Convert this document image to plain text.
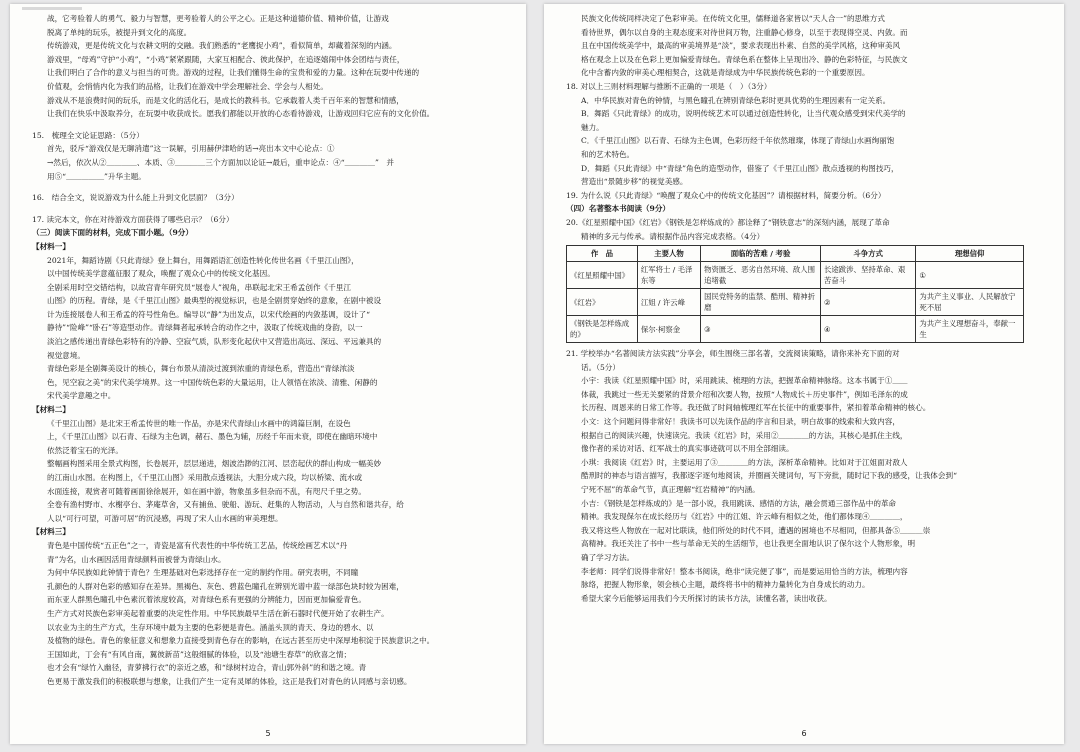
战，它考验着人的勇气、毅力与智慧，更考验着人的公平之心。正是这种道德价值、精神价值，让游戏
脱离了单纯的玩乐，被提升到文化的高度。
传统游戏，更是传统文化与农耕文明的交融。我们熟悉的“老鹰捉小鸡”，看似简单，却藏着深刻的内涵。
游戏里，“母鸡”守护“小鸡”，“小鸡”紧紧跟随，大家互相配合、彼此保护，在追逐嬉闹中体会团结与责任，
让我们明白了合作的意义与担当的可贵。游戏的过程，让我们懂得生命的宝贵和爱的力量。这种在玩耍中传递的
价值观，会悄悄内化为我们的品格，让我们在游戏中学会理解社会、学会与人相处。
游戏从不是浪费时间的玩乐，而是文化的活化石，是成长的教科书。它承载着人类千百年来的智慧和情感，
让我们在快乐中汲取养分，在玩耍中收获成长。愿我们都能以开放的心态看待游戏，让游戏回归它应有的文化价值。
15.　梳理全文论证思路：（5分）
首先，驳斥“游戏仅是无聊消遣”这一误解，引用赫伊津哈的话→亮出本文中心论点：①
→然后，依次从②＿＿＿＿、本质、③＿＿＿＿三个方面加以论证→最后，重申论点：④“＿＿＿＿”　并
用⑤“＿＿＿＿＿”升华主题。
16.　结合全文，说说游戏为什么能上升到文化层面？（3分）
17. 读完本文，你在对待游戏方面获得了哪些启示？（6分）
（三）阅读下面的材料，完成下面小题。（9分）
【材料一】
2021年，舞蹈诗剧《只此青绿》登上舞台，用舞蹈语汇创造性转化传世名画《千里江山图》，
以中国传统美学意蕴征服了观众，唤醒了观众心中的传统文化基因。
全剧采用时空交错结构，以故宫青年研究员“展卷人”视角，串联起北宋王希孟创作《千里江
山图》的历程。青绿，是《千里江山图》最典型的视觉标识，也是全剧贯穿始终的意象，在剧中被设
计为连接展卷人和王希孟的符号性角色。编导以“静”为出发点，以宋代绘画的内敛基调，设计了“
静待”“险峰”“卧石”等造型动作。青绿舞者起承转合的动作之中，汲取了传统戏曲的身韵，以一
淡泊之感传递出青绿色彩特有的冷静、空寂气质，队形变化起伏中又营造出高远、深远、平远兼具的
视觉意境。
青绿色彩是全剧舞美设计的核心，舞台布景从清淡过渡到浓重的青绿色系，营造出“青绿浓淡
色，见空寂之美”的宋代美学境界。这一中国传统色彩的大量运用，让人领悟在浓淡、清雅、闲静的
宋代美学意趣之中。
【材料二】
《千里江山图》是北宋王希孟传世的唯一作品，亦是宋代青绿山水画中的鸿篇巨制，在设色
上，《千里江山图》以石青、石绿为主色调，赭石、墨色为辅，历经千年而未衰，即使在幽暗环境中
依然泛着宝石的光泽。
整幅画构图采用全景式构图，长卷展开，层层递进，烟波浩渺的江河、层峦起伏的群山构成一幅美妙
的江南山水图。在构图上，《千里江山图》采用散点透视法，大胆分成六段，均以桥梁、流水或
水面连接，观赏者可随着画面徐徐展开，如在画中游，物象虽多但杂而不乱，有咫尺千里之势。
全卷有渔村野市、水榭亭台、茅庵草舍，又有捕鱼、驶船、游玩、赶集的人物活动，人与自然和谐共存，给
人以“可行可望，可游可居”的沉浸感，再现了宋人山水画的审美理想。
【材料三】
青色是中国传统“五正色”之一，青瓷是富有代表性的中华传统工艺品，传统绘画艺术以“丹
青”为名，山水画因活用青绿颜料而被誉为青绿山水。
为何中华民族如此钟情于青色？生理基础对色彩选择存在一定的制约作用。研究表明，不同瞳
孔颜色的人群对色彩的感知存在差异。黑褐色、灰色、碧蓝色瞳孔在辨别光谱中蓝一绿部色块时较为困难，
而东亚人群黑色瞳孔中色素沉着浓度较高，对青绿色系有更强的分辨能力，因而更加偏爱青色。
生产方式对民族色彩审美起着重要的决定性作用。中华民族最早生活在新石器时代便开始了农耕生产。
以农业为主的生产方式，生存环境中最为主要的色彩便是青色。涵盖头顶的青天、身边的碧水、以
及植物的绿色。青色的象征意义和想象力直接受到青色存在的影响，在远古甚至历史中深厚地积淀于民族意识之中。
王国如此，丁会有“有风自南，翼彼新苗”这般细腻的体验，以及“池塘生春草”的欣喜之情；
也才会有“绿竹入幽径，青萝拂行衣”的亲近之感，和“绿树村边合，青山郭外斜”的和谐之境。青
色更易于激发我们的积极联想与想象，让我们产生一定有灵犀的体验，这正是我们对青色的认同感与亲切感。
5
民族文化传统同样决定了色彩审美。在传统文化里，儒释道各家皆以“天人合一”的思维方式
看待世界，偶尔以自身的主观态度来对待世间万物，注重静心修身，以至于表现得空灵、内敛。而
且在中国传统美学中，最高的审美境界是“淡”，要求表现出朴素、自然的美学风格，这种审美风
格在观念上以及在色彩上更加偏爱青绿色。青绿色系在整体上呈现出冷、静的色彩特征，与民族文
化中含蓄内敛的审美心理相契合，这就是青绿成为中华民族传统色彩的一个重要原因。
18. 对以上三则材料理解与推断不正确的一项是（　）（3分）
A．中华民族对青色的钟情，与黑色瞳孔在辨别青绿色彩时更具优势的生理因素有一定关系。
B．舞蹈《只此青绿》的成功，说明传统艺术可以通过创造性转化，让当代观众感受到宋代美学的
魅力。
C．《千里江山图》以石青、石绿为主色调，色彩历经千年依然璀璨，体现了青绿山水画绚丽饱
和的艺术特色。
D．舞蹈《只此青绿》中“青绿”角色的造型动作，借鉴了《千里江山图》散点透视的构图技巧，
营造出“景随步移”的视觉美感。
19. 为什么说《只此青绿》“唤醒了观众心中的传统文化基因”？请根据材料，简要分析。（6分）
（四）名著整本书阅读（9分）
20.《红星照耀中国》《红岩》《钢铁是怎样炼成的》都诠释了“钢铁意志”的深刻内涵，展现了革命
精神的多元与传承。请根据作品内容完成表格。（4分）
作　品	主要人物	面临的苦难 / 考验	斗争方式	理想信仰
《红星照耀中国》	红军将士 / 毛泽东等	物资匮乏、恶劣自然环境、敌人围追堵截	长途跋涉、坚持革命、艰苦奋斗	①
《红岩》	江姐 / 许云峰	国民党特务的监禁、酷刑、精神折磨	②	为共产主义事业、人民解放宁死不屈
《钢铁是怎样炼成的》	保尔·柯察金	③	④	为共产主义理想奋斗，奉献一生
21. 学校举办“名著阅读方法实践”分享会，师生围绕三部名著，交流阅读策略，请你来补充下面的对
话。（5分）
小宇：我读《红星照耀中国》时，采用跳读、梳理的方法，把握革命精神脉络。这本书属于①＿＿
体裁，我跳过一些无关要紧的背景介绍和次要人物，按照“人物成长＋历史事件”，例如毛泽东的成
长历程、周恩来的日常工作等。我还做了时间轴梳理红军在长征中的重要事件，紧扣着革命精神的核心。
小文：这个问题问得非常好！我读书可以先读作品的序言和目录，明白故事的线索和大致内容，
根据自己的阅读兴趣，快速读完。我读《红岩》时，采用②＿＿＿＿的方法，其核心是抓住主线，
像作者的采访对话、红军战士的真实事迹就可以不用全部细读。
小琪：我阅读《红岩》时，主要运用了③＿＿＿＿的方法，深析革命精神。比如对于江姐面对敌人
酷刑时的神态与语言描写，我都逐字逐句地阅读，并圈画关键词句，写下旁批，随时记下我的感受，让我体会到“
宁死不屈”的革命气节，真正理解“红岩精神”的内涵。
小吉：《钢铁是怎样炼成的》是一部小说，我用跳读、感悟的方法，融会贯通三部作品中的革命
精神。我发现保尔在成长经历与《红岩》中的江姐、许云峰有相似之处，他们都体现④＿＿＿＿，
我又将这些人物放在一起对比联读，他们所处的时代不同，遭遇的困境也不尽相同，但都具备⑤＿＿＿崇
高精神。我还关注了书中一些与革命无关的生活细节，也让我更全面地认识了保尔这个人物形象，明
确了学习方法。
李老师：同学们说得非常好！整本书阅读，绝非“读完便了事”，而是要运用恰当的方法，梳理内容
脉络，把握人物形象，领会核心主题，最终将书中的精神力量转化为自身成长的动力。
希望大家今后能够运用我们今天所探讨的读书方法，读懂名著，读出收获。
6
